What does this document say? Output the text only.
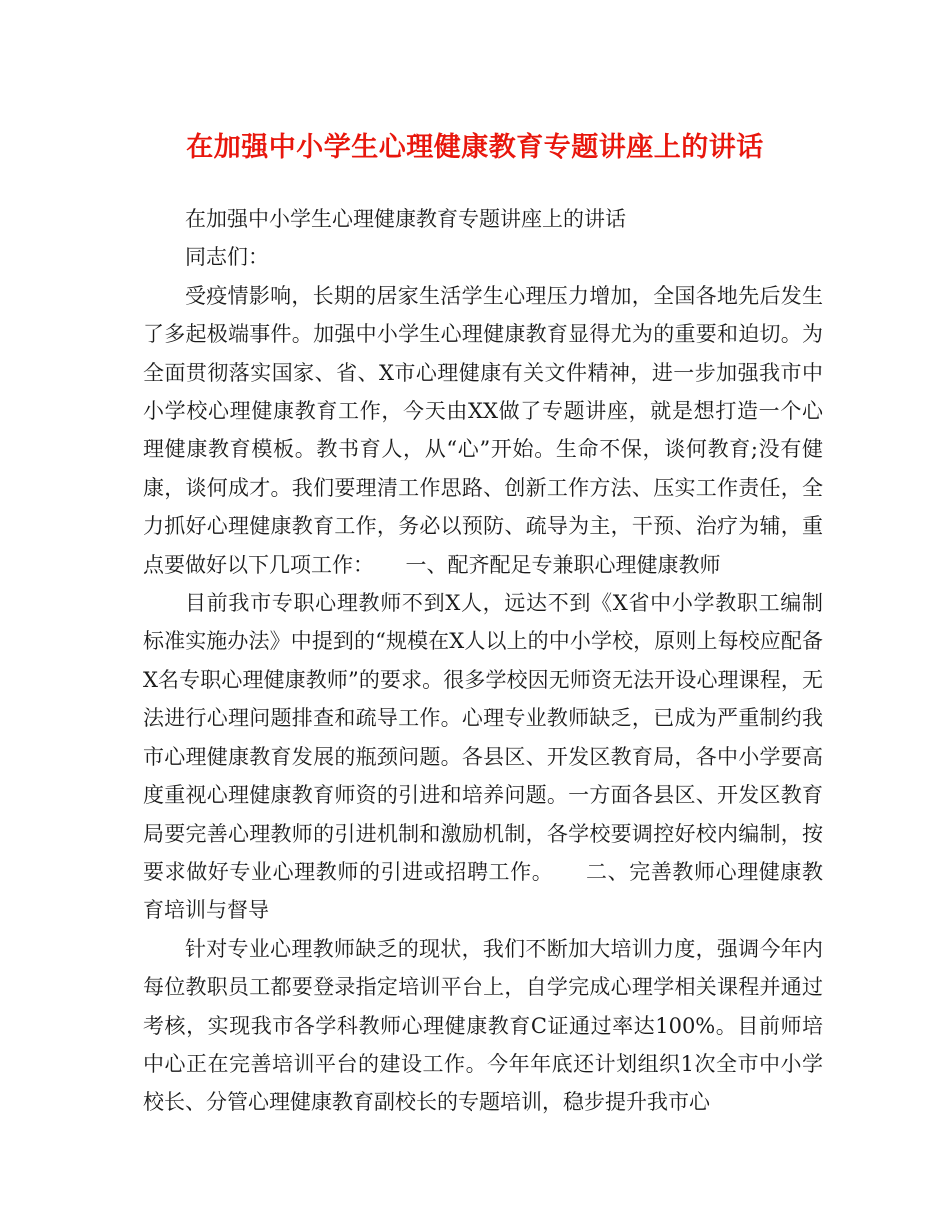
在加强中小学生心理健康教育专题讲座上的讲话

在加强中小学生心理健康教育专题讲座上的讲话

同志们：

受疫情影响，长期的居家生活学生心理压力增加，全国各地先后发生了多起极端事件。加强中小学生心理健康教育显得尤为的重要和迫切。为全面贯彻落实国家、省、X市心理健康有关文件精神，进一步加强我市中小学校心理健康教育工作，今天由XX做了专题讲座，就是想打造一个心理健康教育模板。教书育人，从“心”开始。生命不保，谈何教育;没有健康，谈何成才。我们要理清工作思路、创新工作方法、压实工作责任，全力抓好心理健康教育工作，务必以预防、疏导为主，干预、治疗为辅，重点要做好以下几项工作：　　一、配齐配足专兼职心理健康教师

目前我市专职心理教师不到X人，远达不到《X省中小学教职工编制标准实施办法》中提到的“规模在X人以上的中小学校，原则上每校应配备X名专职心理健康教师”的要求。很多学校因无师资无法开设心理课程，无法进行心理问题排查和疏导工作。心理专业教师缺乏，已成为严重制约我市心理健康教育发展的瓶颈问题。各县区、开发区教育局，各中小学要高度重视心理健康教育师资的引进和培养问题。一方面各县区、开发区教育局要完善心理教师的引进机制和激励机制，各学校要调控好校内编制，按要求做好专业心理教师的引进或招聘工作。　　二、完善教师心理健康教育培训与督导

针对专业心理教师缺乏的现状，我们不断加大培训力度，强调今年内每位教职员工都要登录指定培训平台上，自学完成心理学相关课程并通过考核，实现我市各学科教师心理健康教育C证通过率达100%。目前师培中心正在完善培训平台的建设工作。今年年底还计划组织1次全市中小学校长、分管心理健康教育副校长的专题培训，稳步提升我市心
